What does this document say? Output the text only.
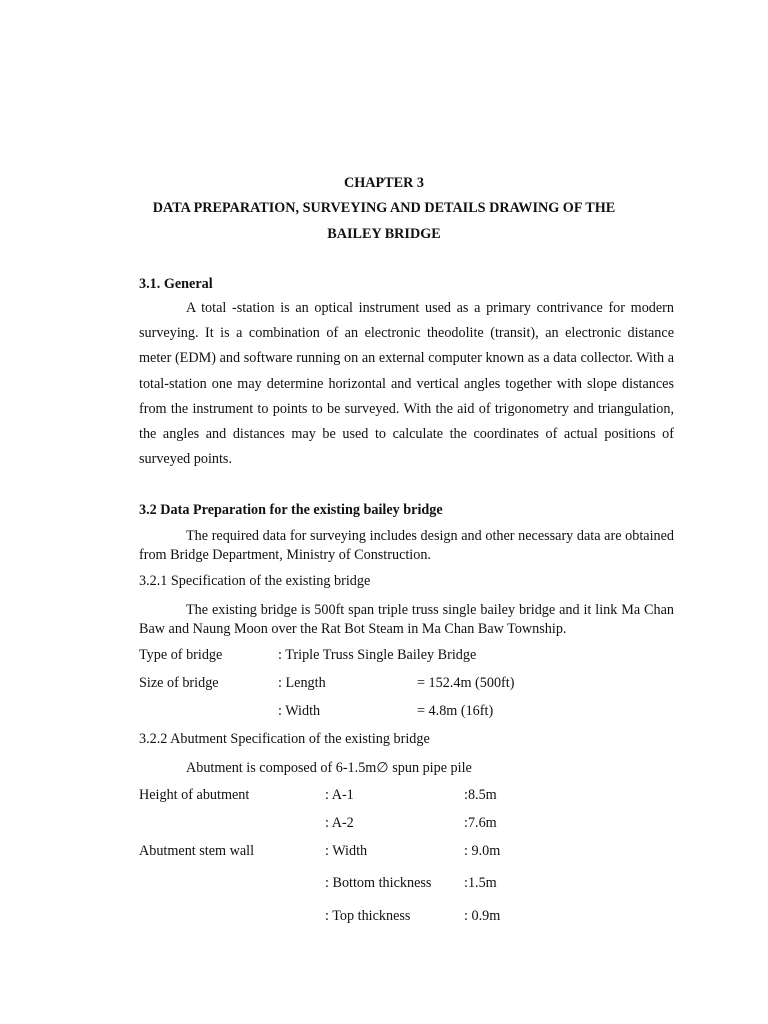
CHAPTER 3
DATA PREPARATION, SURVEYING AND DETAILS DRAWING OF THE
BAILEY BRIDGE
3.1. General
A total -station is an optical instrument used as a primary contrivance for modern surveying. It is a combination of an electronic theodolite (transit), an electronic distance meter (EDM) and software running on an external computer known as a data collector. With a total-station one may determine horizontal and vertical angles together with slope distances from the instrument to points to be surveyed. With the aid of trigonometry and triangulation, the angles and distances may be used to calculate the coordinates of actual positions of surveyed points.
3.2 Data Preparation for the existing bailey bridge
The required data for surveying includes design and other necessary data are obtained from Bridge Department, Ministry of Construction.
3.2.1 Specification of the existing bridge
The existing bridge is 500ft span triple truss single bailey bridge and it link Ma Chan Baw and Naung Moon over the Rat Bot Steam in Ma Chan Baw Township.
Type of bridge	: Triple Truss Single Bailey Bridge
Size of bridge	: Length	= 152.4m (500ft)
: Width	= 4.8m (16ft)
3.2.2 Abutment Specification of the existing bridge
Abutment is composed of 6-1.5m∅ spun pipe pile
Height of abutment	: A-1	:8.5m
: A-2	:7.6m
Abutment stem wall	: Width	: 9.0m
: Bottom thickness :1.5m
: Top thickness	: 0.9m
